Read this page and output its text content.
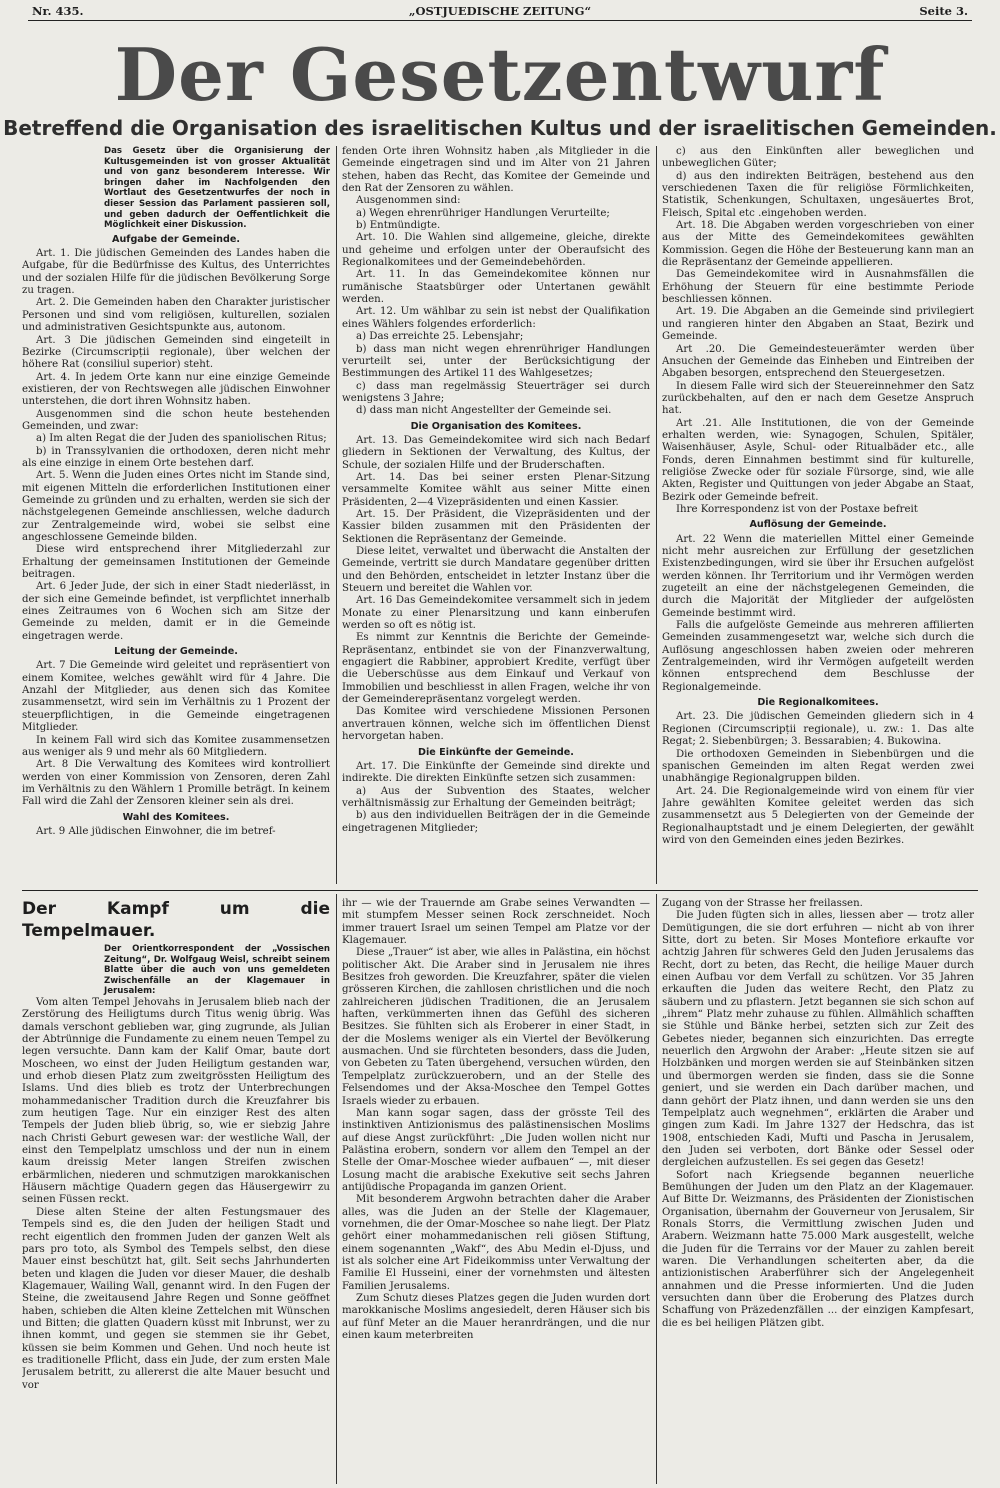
Nr. 435.	„OSTJUEDISCHE ZEITUNG“	Seite 3.
Der Gesetzentwurf
Betreffend die Organisation des israelitischen Kultus und der israelitischen Gemeinden.
Das Gesetz über die Organisierung der Kultusgemeinden ist von grosser Aktualität und von ganz besonderem Interesse. Wir bringen daher im Nachfolgenden den Wortlaut des Gesetzentwurfes der noch in dieser Session das Parlament passieren soll, und geben dadurch der Oeffentlichkeit die Möglichkeit einer Diskussion.
Aufgabe der Gemeinde.

Art. 1. Die jüdischen Gemeinden des Landes haben die Aufgabe, für die Bedürfnisse des Kultus, des Unterrichtes und der sozialen Hilfe für die jüdischen Bevölkerung Sorge zu tragen.

Art. 2. Die Gemeinden haben den Charakter juristischer Personen und sind vom religiösen, kulturellen, sozialen und administrativen Gesichtspunkte aus, autonom.

Art. 3 Die jüdischen Gemeinden sind eingeteilt in Bezirke (Circumscripții regionale), über welchen der höhere Rat (consiliul superior) steht.

Art. 4. In jedem Orte kann nur eine einzige Gemeinde existieren, der von Rechtswegen alle jüdischen Einwohner unterstehen, die dort ihren Wohnsitz haben.

Ausgenommen sind die schon heute bestehenden Gemeinden, und zwar:

a) Im alten Regat die der Juden des spaniolischen Ritus;

b) in Transsylvanien die orthodoxen, deren nicht mehr als eine einzige in einem Orte bestehen darf.

Art. 5. Wenn die Juden eines Ortes nicht im Stande sind, mit eigenen Mitteln die erforderlichen Institutionen einer Gemeinde zu gründen und zu erhalten, werden sie sich der nächstgelegenen Gemeinde anschliessen, welche dadurch zur Zentralgemeinde wird, wobei sie selbst eine angeschlossene Gemeinde bilden.

Diese wird entsprechend ihrer Mitgliederzahl zur Erhaltung der gemeinsamen Institutionen der Gemeinde beitragen.

Art. 6 Jeder Jude, der sich in einer Stadt niederlässt, in der sich eine Gemeinde befindet, ist verpflichtet innerhalb eines Zeitraumes von 6 Wochen sich am Sitze der Gemeinde zu melden, damit er in die Gemeinde eingetragen werde.

Leitung der Gemeinde.

Art. 7 Die Gemeinde wird geleitet und repräsentiert von einem Komitee, welches gewählt wird für 4 Jahre. Die Anzahl der Mitglieder, aus denen sich das Komitee zusammensetzt, wird sein im Verhältnis zu 1 Prozent der steuerpflichtigen, in die Gemeinde eingetragenen Mitglieder.

In keinem Fall wird sich das Komitee zusammensetzen aus weniger als 9 und mehr als 60 Mitgliedern.

Art. 8 Die Verwaltung des Komitees wird kontrolliert werden von einer Kommission von Zensoren, deren Zahl im Verhältnis zu den Wählern 1 Promille beträgt. In keinem Fall wird die Zahl der Zensoren kleiner sein als drei.

Wahl des Komitees.

Art. 9 Alle jüdischen Einwohner, die im betref-

fenden Orte ihren Wohnsitz haben ,als Mitglieder in die Gemeinde eingetragen sind und im Alter von 21 Jahren stehen, haben das Recht, das Komitee der Gemeinde und den Rat der Zensoren zu wählen.

Ausgenommen sind:

a) Wegen ehrenrühriger Handlungen Verurteilte;

b) Entmündigte.

Art. 10. Die Wahlen sind allgemeine, gleiche, direkte und geheime und erfolgen unter der Oberaufsicht des Regionalkomitees und der Gemeindebehörden.

Art. 11. In das Gemeindekomitee können nur rumänische Staatsbürger oder Untertanen gewählt werden.

Art. 12. Um wählbar zu sein ist nebst der Qualifikation eines Wählers folgendes erforderlich:

a) Das erreichte 25. Lebensjahr;

b) dass man nicht wegen ehrenrühriger Handlungen verurteilt sei, unter der Berücksichtigung der Bestimmungen des Artikel 11 des Wahlgesetzes;

c) dass man regelmässig Steuerträger sei durch wenigstens 3 Jahre;

d) dass man nicht Angestellter der Gemeinde sei.

Die Organisation des Komitees.

Art. 13. Das Gemeindekomitee wird sich nach Bedarf gliedern in Sektionen der Verwaltung, des Kultus, der Schule, der sozialen Hilfe und der Bruderschaften.

Art. 14. Das bei seiner ersten Plenar-Sitzung versammelte Komitee wählt aus seiner Mitte einen Präsidenten, 2—4 Vizepräsidenten und einen Kassier.

Art. 15. Der Präsident, die Vizepräsidenten und der Kassier bilden zusammen mit den Präsidenten der Sektionen die Repräsentanz der Gemeinde.

Diese leitet, verwaltet und überwacht die Anstalten der Gemeinde, vertritt sie durch Mandatare gegenüber dritten und den Behörden, entscheidet in letzter Instanz über die Steuern und bereitet die Wahlen vor.

Art. 16 Das Gemeindekomitee versammelt sich in jedem Monate zu einer Plenarsitzung und kann einberufen werden so oft es nötig ist.

Es nimmt zur Kenntnis die Berichte der Gemeinde-Repräsentanz, entbindet sie von der Finanzverwaltung, engagiert die Rabbiner, approbiert Kredite, verfügt über die Ueberschüsse aus dem Einkauf und Verkauf von Immobilien und beschliesst in allen Fragen, welche ihr von der Gemeinderepräsentanz vorgelegt werden.

Das Komitee wird verschiedene Missionen Personen anvertrauen können, welche sich im öffentlichen Dienst hervorgetan haben.

Die Einkünfte der Gemeinde.

Art. 17. Die Einkünfte der Gemeinde sind direkte und indirekte. Die direkten Einkünfte setzen sich zusammen:

a) Aus der Subvention des Staates, welcher verhältnismässig zur Erhaltung der Gemeinden beiträgt;

b) aus den individuellen Beiträgen der in die Gemeinde eingetragenen Mitglieder;

c) aus den Einkünften aller beweglichen und unbeweglichen Güter;

d) aus den indirekten Beiträgen, bestehend aus den verschiedenen Taxen die für religiöse Förmlichkeiten, Statistik, Schenkungen, Schultaxen, ungesäuertes Brot, Fleisch, Spital etc .eingehoben werden.

Art. 18. Die Abgaben werden vorgeschrieben von einer aus der Mitte des Gemeindekomitees gewählten Kommission. Gegen die Höhe der Besteuerung kann man an die Repräsentanz der Gemeinde appellieren.

Das Gemeindekomitee wird in Ausnahmsfällen die Erhöhung der Steuern für eine bestimmte Periode beschliessen können.

Art. 19. Die Abgaben an die Gemeinde sind privilegiert und rangieren hinter den Abgaben an Staat, Bezirk und Gemeinde.

Art .20. Die Gemeindesteuerämter werden über Ansuchen der Gemeinde das Einheben und Eintreiben der Abgaben besorgen, entsprechend den Steuergesetzen.

In diesem Falle wird sich der Steuereinnehmer den Satz zurückbehalten, auf den er nach dem Gesetze Anspruch hat.

Art .21. Alle Institutionen, die von der Gemeinde erhalten werden, wie: Synagogen, Schulen, Spitäler, Waisenhäuser, Asyle, Schul- oder Ritualbäder etc., alle Fonds, deren Einnahmen bestimmt sind für kulturelle, religiöse Zwecke oder für soziale Fürsorge, sind, wie alle Akten, Register und Quittungen von jeder Abgabe an Staat, Bezirk oder Gemeinde befreit.

Ihre Korrespondenz ist von der Postaxe befreit

Auflösung der Gemeinde.

Art. 22 Wenn die materiellen Mittel einer Gemeinde nicht mehr ausreichen zur Erfüllung der gesetzlichen Existenzbedingungen, wird sie über ihr Ersuchen aufgelöst werden können. Ihr Territorium und ihr Vermögen werden zugeteilt an eine der nächstgelegenen Gemeinden, die durch die Majorität der Mitglieder der aufgelösten Gemeinde bestimmt wird.

Falls die aufgelöste Gemeinde aus mehreren affilierten Gemeinden zusammengesetzt war, welche sich durch die Auflösung angeschlossen haben zweien oder mehreren Zentralgemeinden, wird ihr Vermögen aufgeteilt werden können entsprechend dem Beschlusse der Regionalgemeinde.

Die Regionalkomitees.

Art. 23. Die jüdischen Gemeinden gliedern sich in 4 Regionen (Circumscripții regionale), u. zw.: 1. Das alte Regat; 2. Siebenbürgen; 3. Bessarabien; 4. Bukowina.

Die orthodoxen Gemeinden in Siebenbürgen und die spanischen Gemeinden im alten Regat werden zwei unabhängige Regionalgruppen bilden.

Art. 24. Die Regionalgemeinde wird von einem für vier Jahre gewählten Komitee geleitet werden das sich zusammensetzt aus 5 Delegierten von der Gemeinde der Regionalhauptstadt und je einem Delegierten, der gewählt wird von den Gemeinden eines jeden Bezirkes.

Der Kampf um die Tempelmauer.
Der Orientkorrespondent der „Vossischen Zeitung“, Dr. Wolfgaug Weisl, schreibt seinem Blatte über die auch von uns gemeldeten Zwischenfälle an der Klagemauer in Jerusalem:

Vom alten Tempel Jehovahs in Jerusalem blieb nach der Zerstörung des Heiligtums durch Titus wenig übrig. Was damals verschont geblieben war, ging zugrunde, als Julian der Abtrünnige die Fundamente zu einem neuen Tempel zu legen versuchte. Dann kam der Kalif Omar, baute dort Moscheen, wo einst der Juden Heiligtum gestanden war, und erhob diesen Platz zum zweitgrössten Heiligtum des Islams. Und dies blieb es trotz der Unterbrechungen mohammedanischer Tradition durch die Kreuzfahrer bis zum heutigen Tage. Nur ein einziger Rest des alten Tempels der Juden blieb übrig, so, wie er siebzig Jahre nach Christi Geburt gewesen war: der westliche Wall, der einst den Tempelplatz umschloss und der nun in einem kaum dreissig Meter langen Streifen zwischen erbärmlichen, niederen und schmutzigen marokkanischen Häusern mächtige Quadern gegen das Häusergewirr zu seinen Füssen reckt.

Diese alten Steine der alten Festungsmauer des Tempels sind es, die den Juden der heiligen Stadt und recht eigentlich den frommen Juden der ganzen Welt als pars pro toto, als Symbol des Tempels selbst, den diese Mauer einst beschützt hat, gilt. Seit sechs Jahrhunderten beten und klagen die Juden vor dieser Mauer, die deshalb Klagemauer, Wailing Wall, genannt wird. In den Fugen der Steine, die zweitausend Jahre Regen und Sonne geöffnet haben, schieben die Alten kleine Zettelchen mit Wünschen und Bitten; die glatten Quadern küsst mit Inbrunst, wer zu ihnen kommt, und gegen sie stemmen sie ihr Gebet, küssen sie beim Kommen und Gehen. Und noch heute ist es traditionelle Pflicht, dass ein Jude, der zum ersten Male Jerusalem betritt, zu allererst die alte Mauer besucht und vor

ihr — wie der Trauernde am Grabe seines Verwandten — mit stumpfem Messer seinen Rock zerschneidet. Noch immer trauert Israel um seinen Tempel am Platze vor der Klagemauer.

Diese „Trauer“ ist aber, wie alles in Palästina, ein höchst politischer Akt. Die Araber sind in Jerusalem nie ihres Besitzes froh geworden. Die Kreuzfahrer, später die vielen grösseren Kirchen, die zahllosen christlichen und die noch zahlreicheren jüdischen Traditionen, die an Jerusalem haften, verkümmerten ihnen das Gefühl des sicheren Besitzes. Sie fühlten sich als Eroberer in einer Stadt, in der die Moslems weniger als ein Viertel der Bevölkerung ausmachen. Und sie fürchteten besonders, dass die Juden, von Gebeten zu Taten übergehend, versuchen würden, den Tempelplatz zurückzuerobern, und an der Stelle des Felsendomes und der Aksa-Moschee den Tempel Gottes Israels wieder zu erbauen.

Man kann sogar sagen, dass der grösste Teil des instinktiven Antizionismus des palästinensischen Moslims auf diese Angst zurückführt: „Die Juden wollen nicht nur Palästina erobern, sondern vor allem den Tempel an der Stelle der Omar-Moschee wieder aufbauen“ —, mit dieser Losung macht die arabische Exekutive seit sechs Jahren antijüdische Propaganda im ganzen Orient.

Mit besonderem Argwohn betrachten daher die Araber alles, was die Juden an der Stelle der Klagemauer, vornehmen, die der Omar-Moschee so nahe liegt. Der Platz gehört einer mohammedanischen reli giösen Stiftung, einem sogenannten „Wakf“, des Abu Medin el-Djuss, und ist als solcher eine Art Fideikommiss unter Verwaltung der Familie El Husseini, einer der vornehmsten und ältesten Familien Jerusalems.

Zum Schutz dieses Platzes gegen die Juden wurden dort marokkanische Moslims angesiedelt, deren Häuser sich bis auf fünf Meter an die Mauer heranrdrängen, und die nur einen kaum meterbreiten

Zugang von der Strasse her freilassen.

Die Juden fügten sich in alles, liessen aber — trotz aller Demütigungen, die sie dort erfuhren — nicht ab von ihrer Sitte, dort zu beten. Sir Moses Montefiore erkaufte vor achtzig Jahren für schweres Geld den Juden Jerusalems das Recht, dort zu beten, das Recht, die heilige Mauer durch einen Aufbau vor dem Verfall zu schützen. Vor 35 Jahren erkauften die Juden das weitere Recht, den Platz zu säubern und zu pflastern. Jetzt begannen sie sich schon auf „ihrem“ Platz mehr zuhause zu fühlen. Allmählich schafften sie Stühle und Bänke herbei, setzten sich zur Zeit des Gebetes nieder, begannen sich einzurichten. Das erregte neuerlich den Argwohn der Araber: „Heute sitzen sie auf Holzbänken und morgen werden sie auf Steinbänken sitzen und übermorgen werden sie finden, dass sie die Sonne geniert, und sie werden ein Dach darüber machen, und dann gehört der Platz ihnen, und dann werden sie uns den Tempelplatz auch wegnehmen“, erklärten die Araber und gingen zum Kadi. Im Jahre 1327 der Hedschra, das ist 1908, entschieden Kadi, Mufti und Pascha in Jerusalem, den Juden sei verboten, dort Bänke oder Sessel oder dergleichen aufzustellen. Es sei gegen das Gesetz!

Sofort nach Kriegsende begannen neuerliche Bemühungen der Juden um den Platz an der Klagemauer. Auf Bitte Dr. Weizmanns, des Präsidenten der Zionistischen Organisation, übernahm der Gouverneur von Jerusalem, Sir Ronals Storrs, die Vermittlung zwischen Juden und Arabern. Weizmann hatte 75.000 Mark ausgestellt, welche die Juden für die Terrains vor der Mauer zu zahlen bereit waren. Die Verhandlungen scheiterten aber, da die antizionistischen Araberführer sich der Angelegenheit annahmen und die Presse informierten. Und die Juden versuchten dann über die Eroberung des Platzes durch Schaffung von Präzedenzfällen ... der einzigen Kampfesart, die es bei heiligen Plätzen gibt.
